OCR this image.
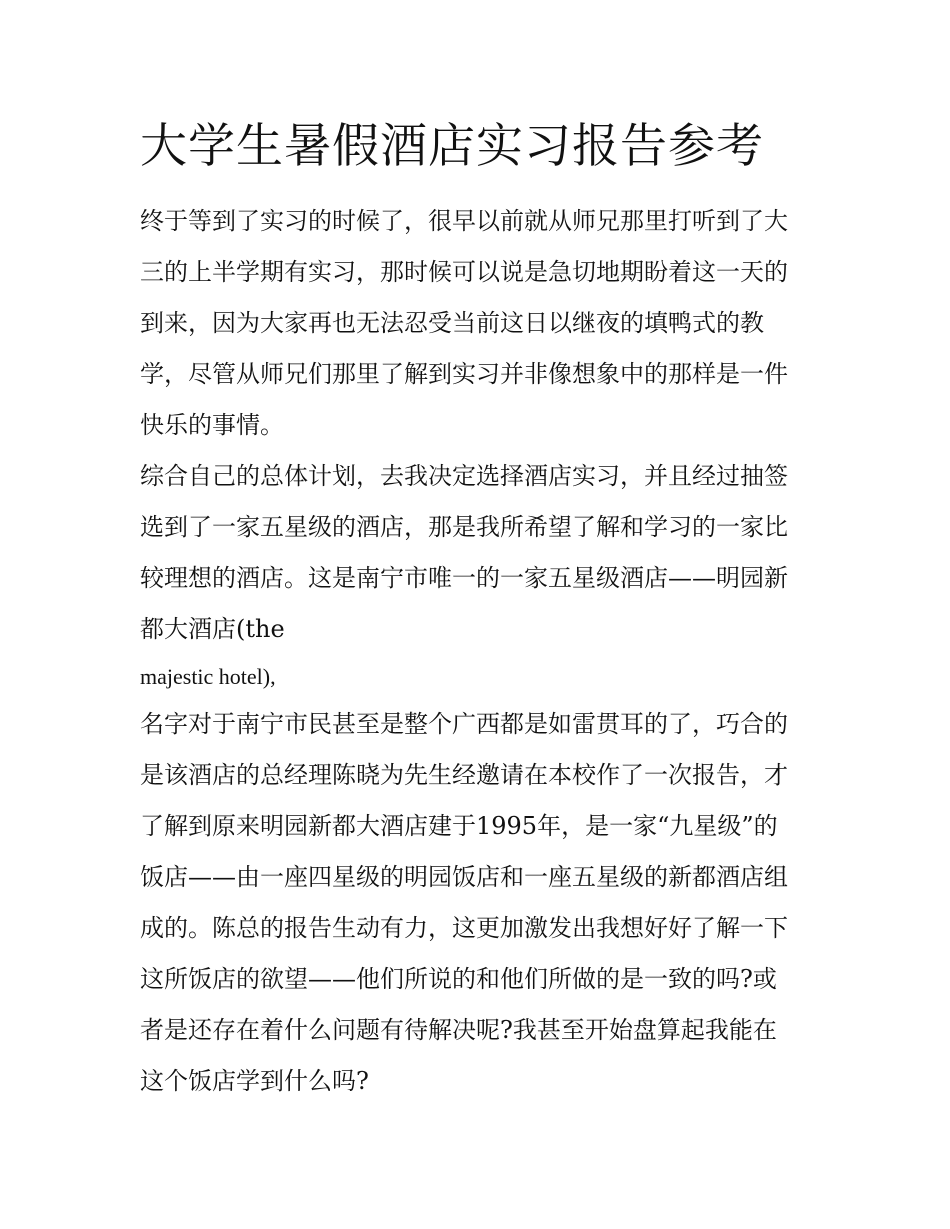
大学生暑假酒店实习报告参考

终于等到了实习的时候了，很早以前就从师兄那里打听到了大
三的上半学期有实习，那时候可以说是急切地期盼着这一天的
到来，因为大家再也无法忍受当前这日以继夜的填鸭式的教
学，尽管从师兄们那里了解到实习并非像想象中的那样是一件
快乐的事情。

综合自己的总体计划，去我决定选择酒店实习，并且经过抽签
选到了一家五星级的酒店，那是我所希望了解和学习的一家比
较理想的酒店。这是南宁市唯一的一家五星级酒店——明园新
都大酒店(the
majestic hotel),

名字对于南宁市民甚至是整个广西都是如雷贯耳的了，巧合的
是该酒店的总经理陈晓为先生经邀请在本校作了一次报告，才
了解到原来明园新都大酒店建于1995年，是一家“九星级”的
饭店——由一座四星级的明园饭店和一座五星级的新都酒店组
成的。陈总的报告生动有力，这更加激发出我想好好了解一下
这所饭店的欲望——他们所说的和他们所做的是一致的吗?或
者是还存在着什么问题有待解决呢?我甚至开始盘算起我能在
这个饭店学到什么吗?
